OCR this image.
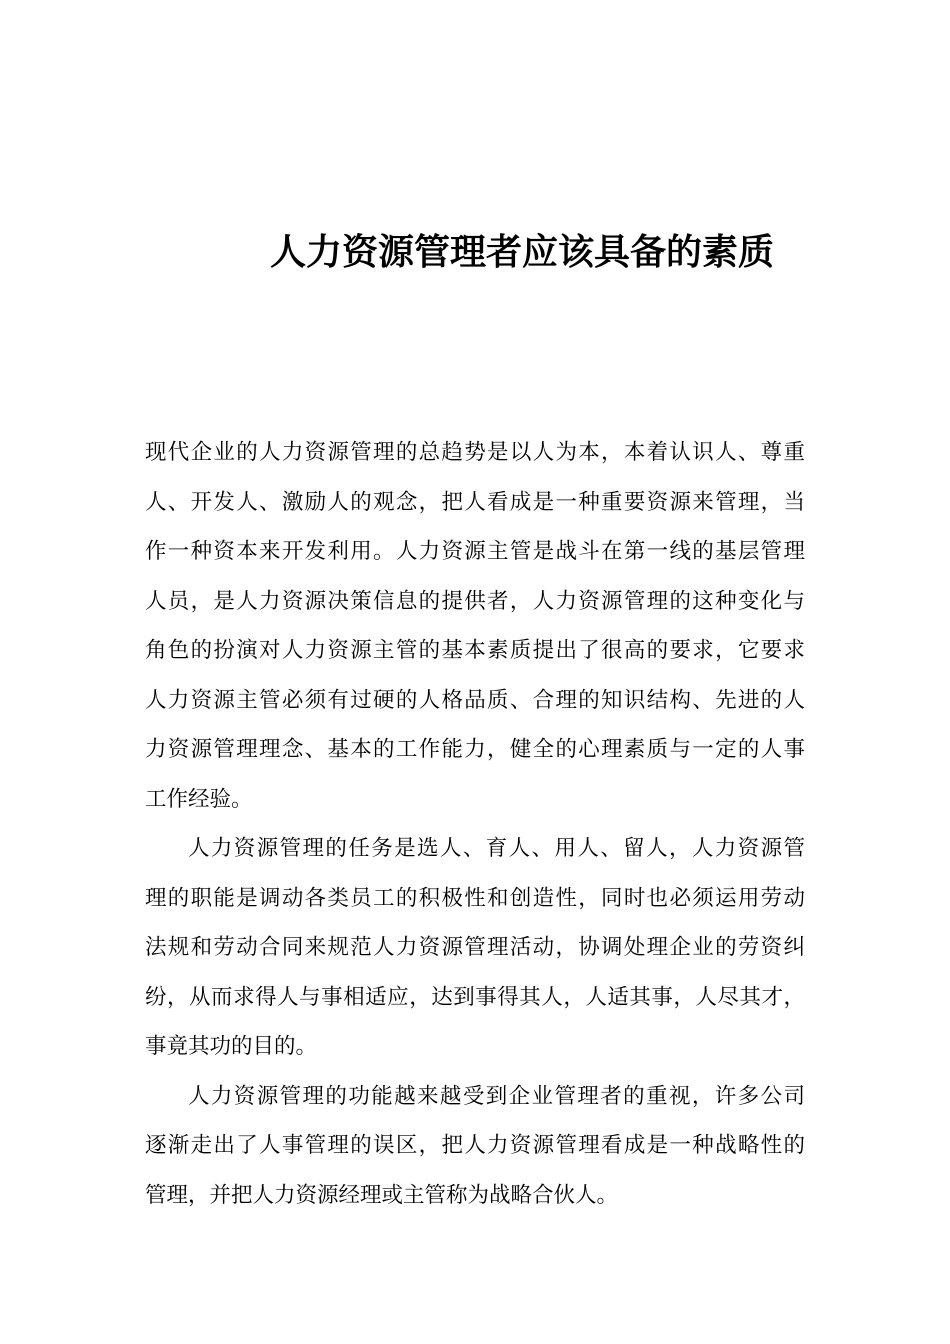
人力资源管理者应该具备的素质
现代企业的人力资源管理的总趋势是以人为本，本着认识人、尊重
人、开发人、激励人的观念，把人看成是一种重要资源来管理，当
作一种资本来开发利用。人力资源主管是战斗在第一线的基层管理
人员，是人力资源决策信息的提供者，人力资源管理的这种变化与
角色的扮演对人力资源主管的基本素质提出了很高的要求，它要求
人力资源主管必须有过硬的人格品质、合理的知识结构、先进的人
力资源管理理念、基本的工作能力，健全的心理素质与一定的人事
工作经验。
人力资源管理的任务是选人、育人、用人、留人，人力资源管
理的职能是调动各类员工的积极性和创造性，同时也必须运用劳动
法规和劳动合同来规范人力资源管理活动，协调处理企业的劳资纠
纷，从而求得人与事相适应，达到事得其人，人适其事，人尽其才，
事竟其功的目的。
人力资源管理的功能越来越受到企业管理者的重视，许多公司
逐渐走出了人事管理的误区，把人力资源管理看成是一种战略性的
管理，并把人力资源经理或主管称为战略合伙人。
